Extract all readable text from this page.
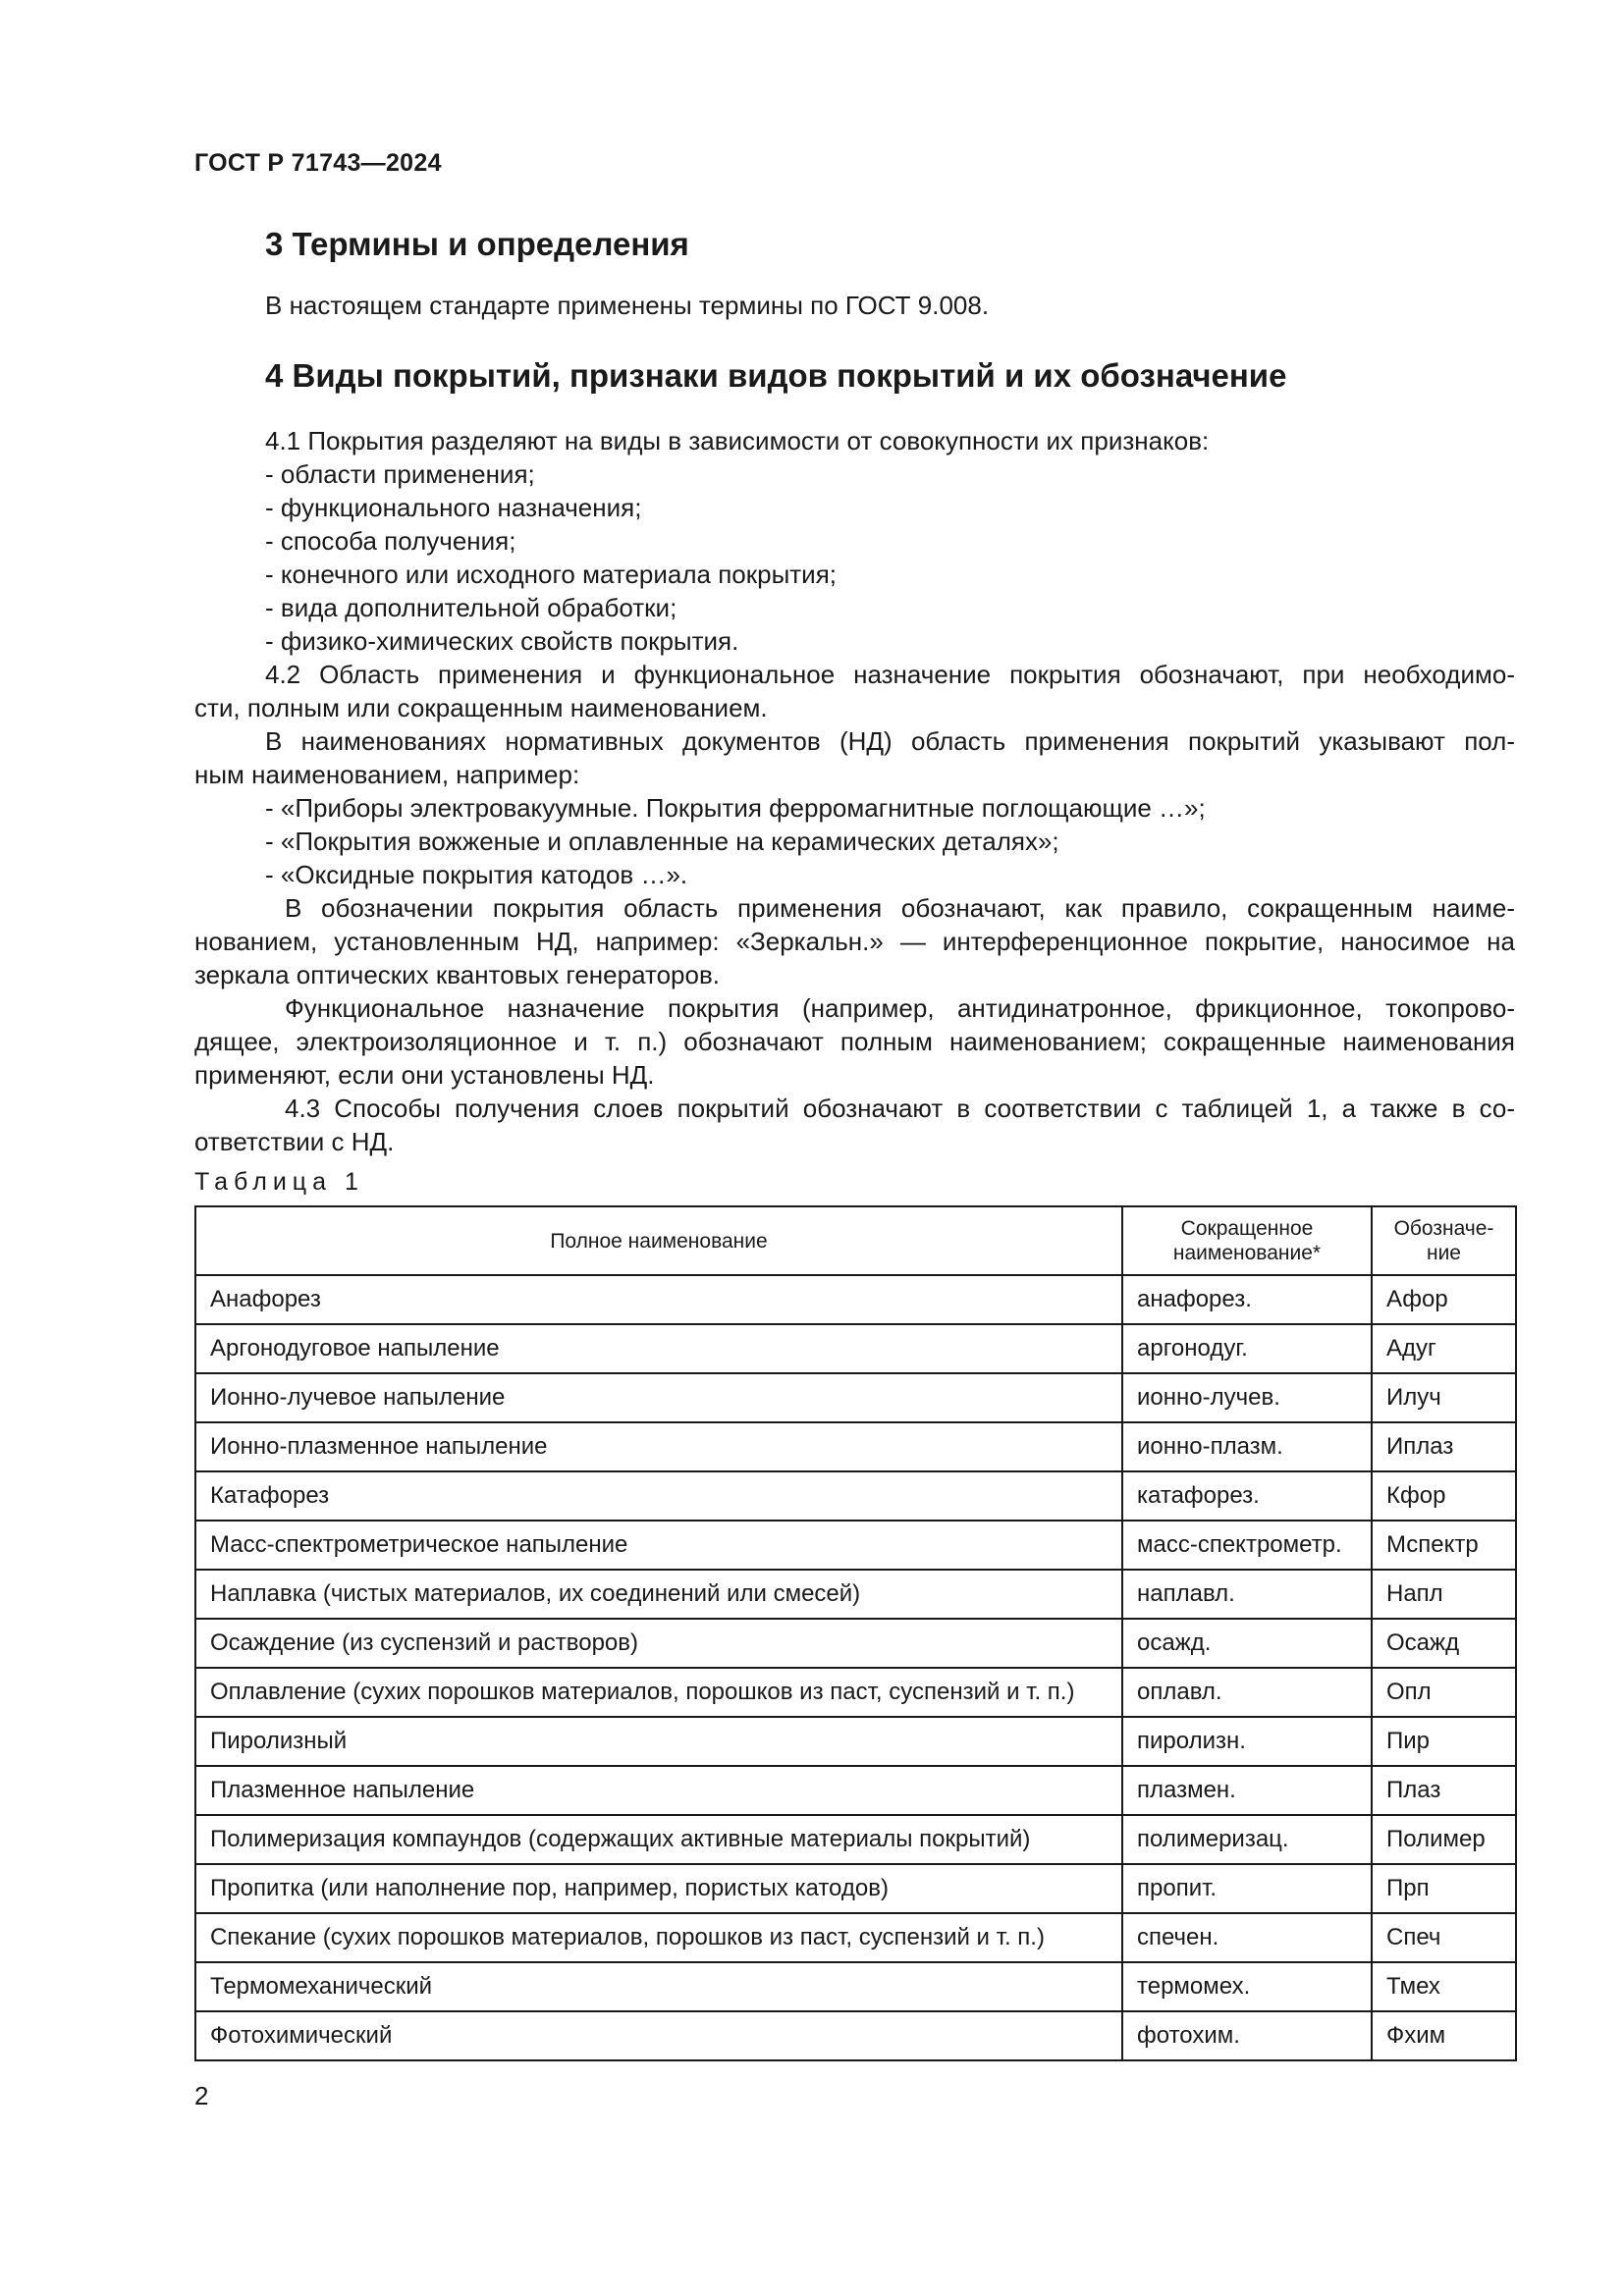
ГОСТ Р 71743—2024
3 Термины и определения
В настоящем стандарте применены термины по ГОСТ 9.008.
4 Виды покрытий, признаки видов покрытий и их обозначение
4.1 Покрытия разделяют на виды в зависимости от совокупности их признаков:
- области применения;
- функционального назначения;
- способа получения;
- конечного или исходного материала покрытия;
- вида дополнительной обработки;
- физико-химических свойств покрытия.
4.2 Область применения и функциональное назначение покрытия обозначают, при необходимо-
сти, полным или сокращенным наименованием.
В наименованиях нормативных документов (НД) область применения покрытий указывают пол-
ным наименованием, например:
- «Приборы электровакуумные. Покрытия ферромагнитные поглощающие …»;
- «Покрытия вожженые и оплавленные на керамических деталях»;
- «Оксидные покрытия катодов …».
В обозначении покрытия область применения обозначают, как правило, сокращенным наиме-
нованием, установленным НД, например: «Зеркальн.» — интерференционное покрытие, наносимое на
зеркала оптических квантовых генераторов.
Функциональное назначение покрытия (например, антидинатронное, фрикционное, токопрово-
дящее, электроизоляционное и т. п.) обозначают полным наименованием; сокращенные наименования
применяют, если они установлены НД.
4.3 Способы получения слоев покрытий обозначают в соответствии с таблицей 1, а также в со-
ответствии с НД.
Таблица 1
Полное наименование	Сокращенное наименование*	Обозначе-ние
Анафорез	анафорез.	Афор
Аргонодуговое напыление	аргонодуг.	Адуг
Ионно-лучевое напыление	ионно-лучев.	Илуч
Ионно-плазменное напыление	ионно-плазм.	Иплаз
Катафорез	катафорез.	Кфор
Масс-спектрометрическое напыление	масс-спектрометр.	Мспектр
Наплавка (чистых материалов, их соединений или смесей)	наплавл.	Напл
Осаждение (из суспензий и растворов)	осажд.	Осажд
Оплавление (сухих порошков материалов, порошков из паст, суспензий и т. п.)	оплавл.	Опл
Пиролизный	пиролизн.	Пир
Плазменное напыление	плазмен.	Плаз
Полимеризация компаундов (содержащих активные материалы покрытий)	полимеризац.	Полимер
Пропитка (или наполнение пор, например, пористых катодов)	пропит.	Прп
Спекание (сухих порошков материалов, порошков из паст, суспензий и т. п.)	спечен.	Спеч
Термомеханический	термомех.	Тмех
Фотохимический	фотохим.	Фхим
2
